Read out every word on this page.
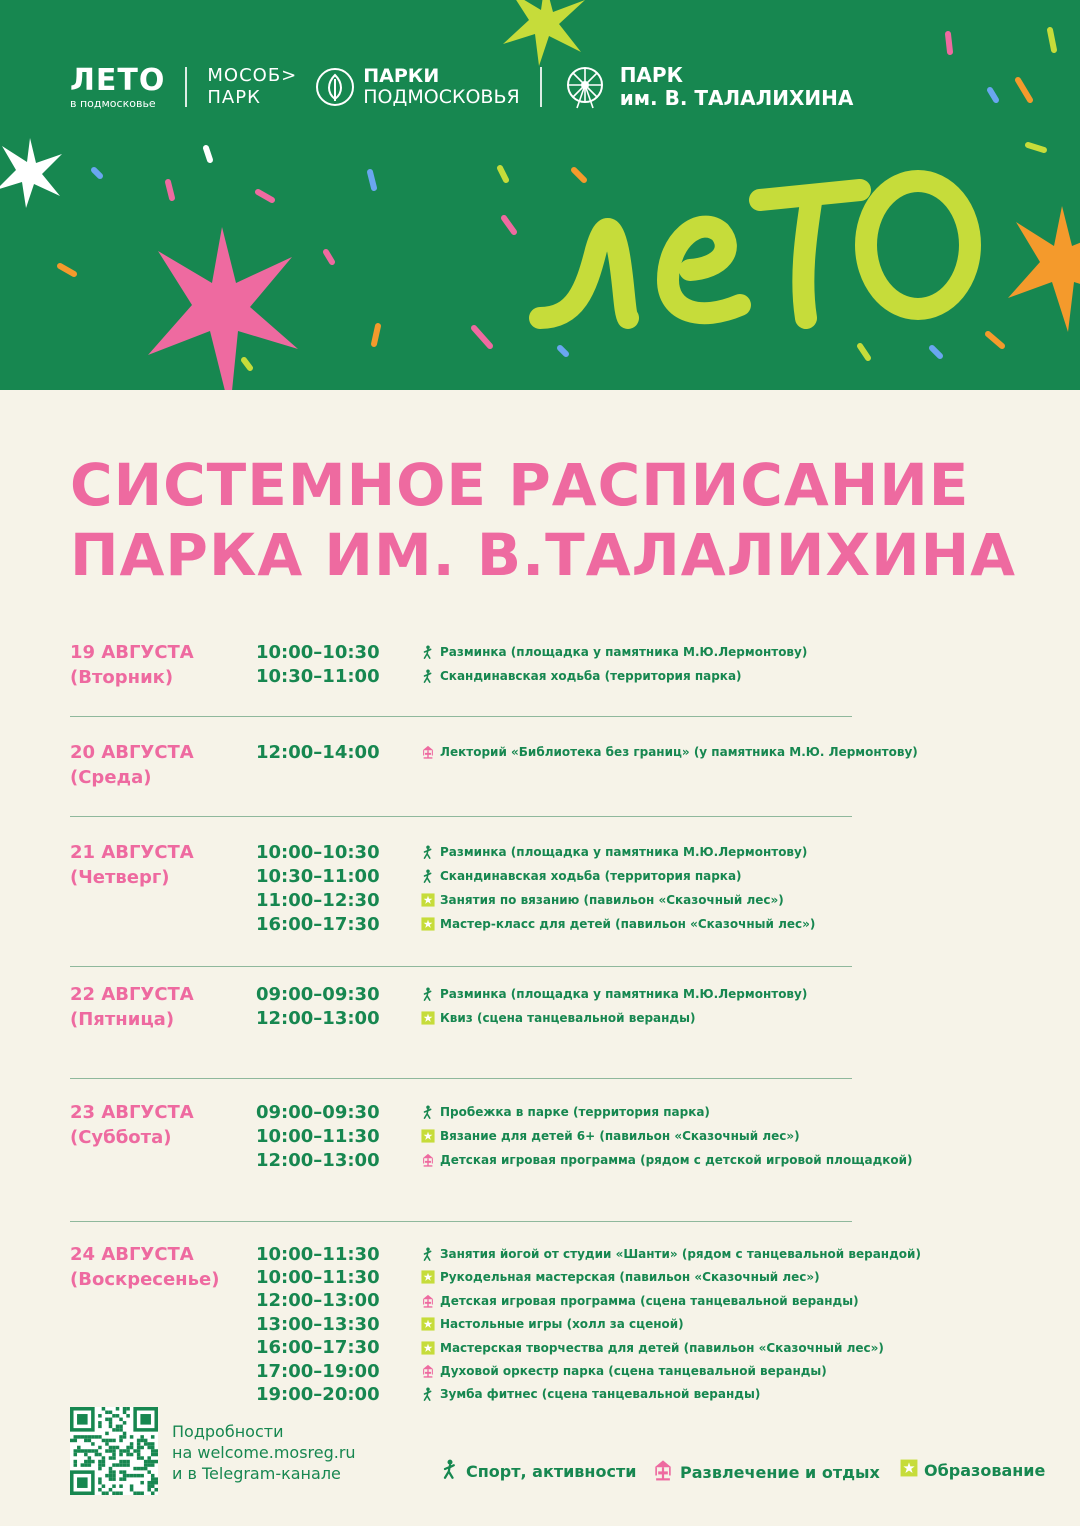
ЛЕТО
в подмосковье
МОСОБ>
ПАРК
ПАРКИ
ПОДМОСКОВЬЯ
ПАРК
им. В. ТАЛАЛИХИНА
СИСТЕМНОЕ РАСПИСАНИЕ
ПАРКА ИМ. В.ТАЛАЛИХИНА
19 АВГУСТА
(Вторник)
10:00–10:30	Разминка (площадка у памятника М.Ю.Лермонтову)
10:30–11:00	Скандинавская ходьба (территория парка)
20 АВГУСТА
(Среда)
12:00–14:00	Лекторий «Библиотека без границ» (у памятника М.Ю. Лермонтову)
21 АВГУСТА
(Четверг)
10:00–10:30	Разминка (площадка у памятника М.Ю.Лермонтову)
10:30–11:00	Скандинавская ходьба (территория парка)
11:00–12:30	Занятия по вязанию (павильон «Сказочный лес»)
16:00–17:30	Мастер-класс для детей (павильон «Сказочный лес»)
22 АВГУСТА
(Пятница)
09:00–09:30	Разминка (площадка у памятника М.Ю.Лермонтову)
12:00–13:00	Квиз (сцена танцевальной веранды)
23 АВГУСТА
(Суббота)
09:00–09:30	Пробежка в парке (территория парка)
10:00–11:30	Вязание для детей 6+ (павильон «Сказочный лес»)
12:00–13:00	Детская игровая программа (рядом с детской игровой площадкой)
24 АВГУСТА
(Воскресенье)
10:00–11:30	Занятия йогой от студии «Шанти» (рядом с танцевальной верандой)
10:00–11:30	Рукодельная мастерская (павильон «Сказочный лес»)
12:00–13:00	Детская игровая программа (сцена танцевальной веранды)
13:00–13:30	Настольные игры (холл за сценой)
16:00–17:30	Мастерская творчества для детей (павильон «Сказочный лес»)
17:00–19:00	Духовой оркестр парка (сцена танцевальной веранды)
19:00–20:00	Зумба фитнес (сцена танцевальной веранды)
Подробности
на welcome.mosreg.ru
и в Telegram-канале	Спорт, активности	Развлечение и отдых	Образование
